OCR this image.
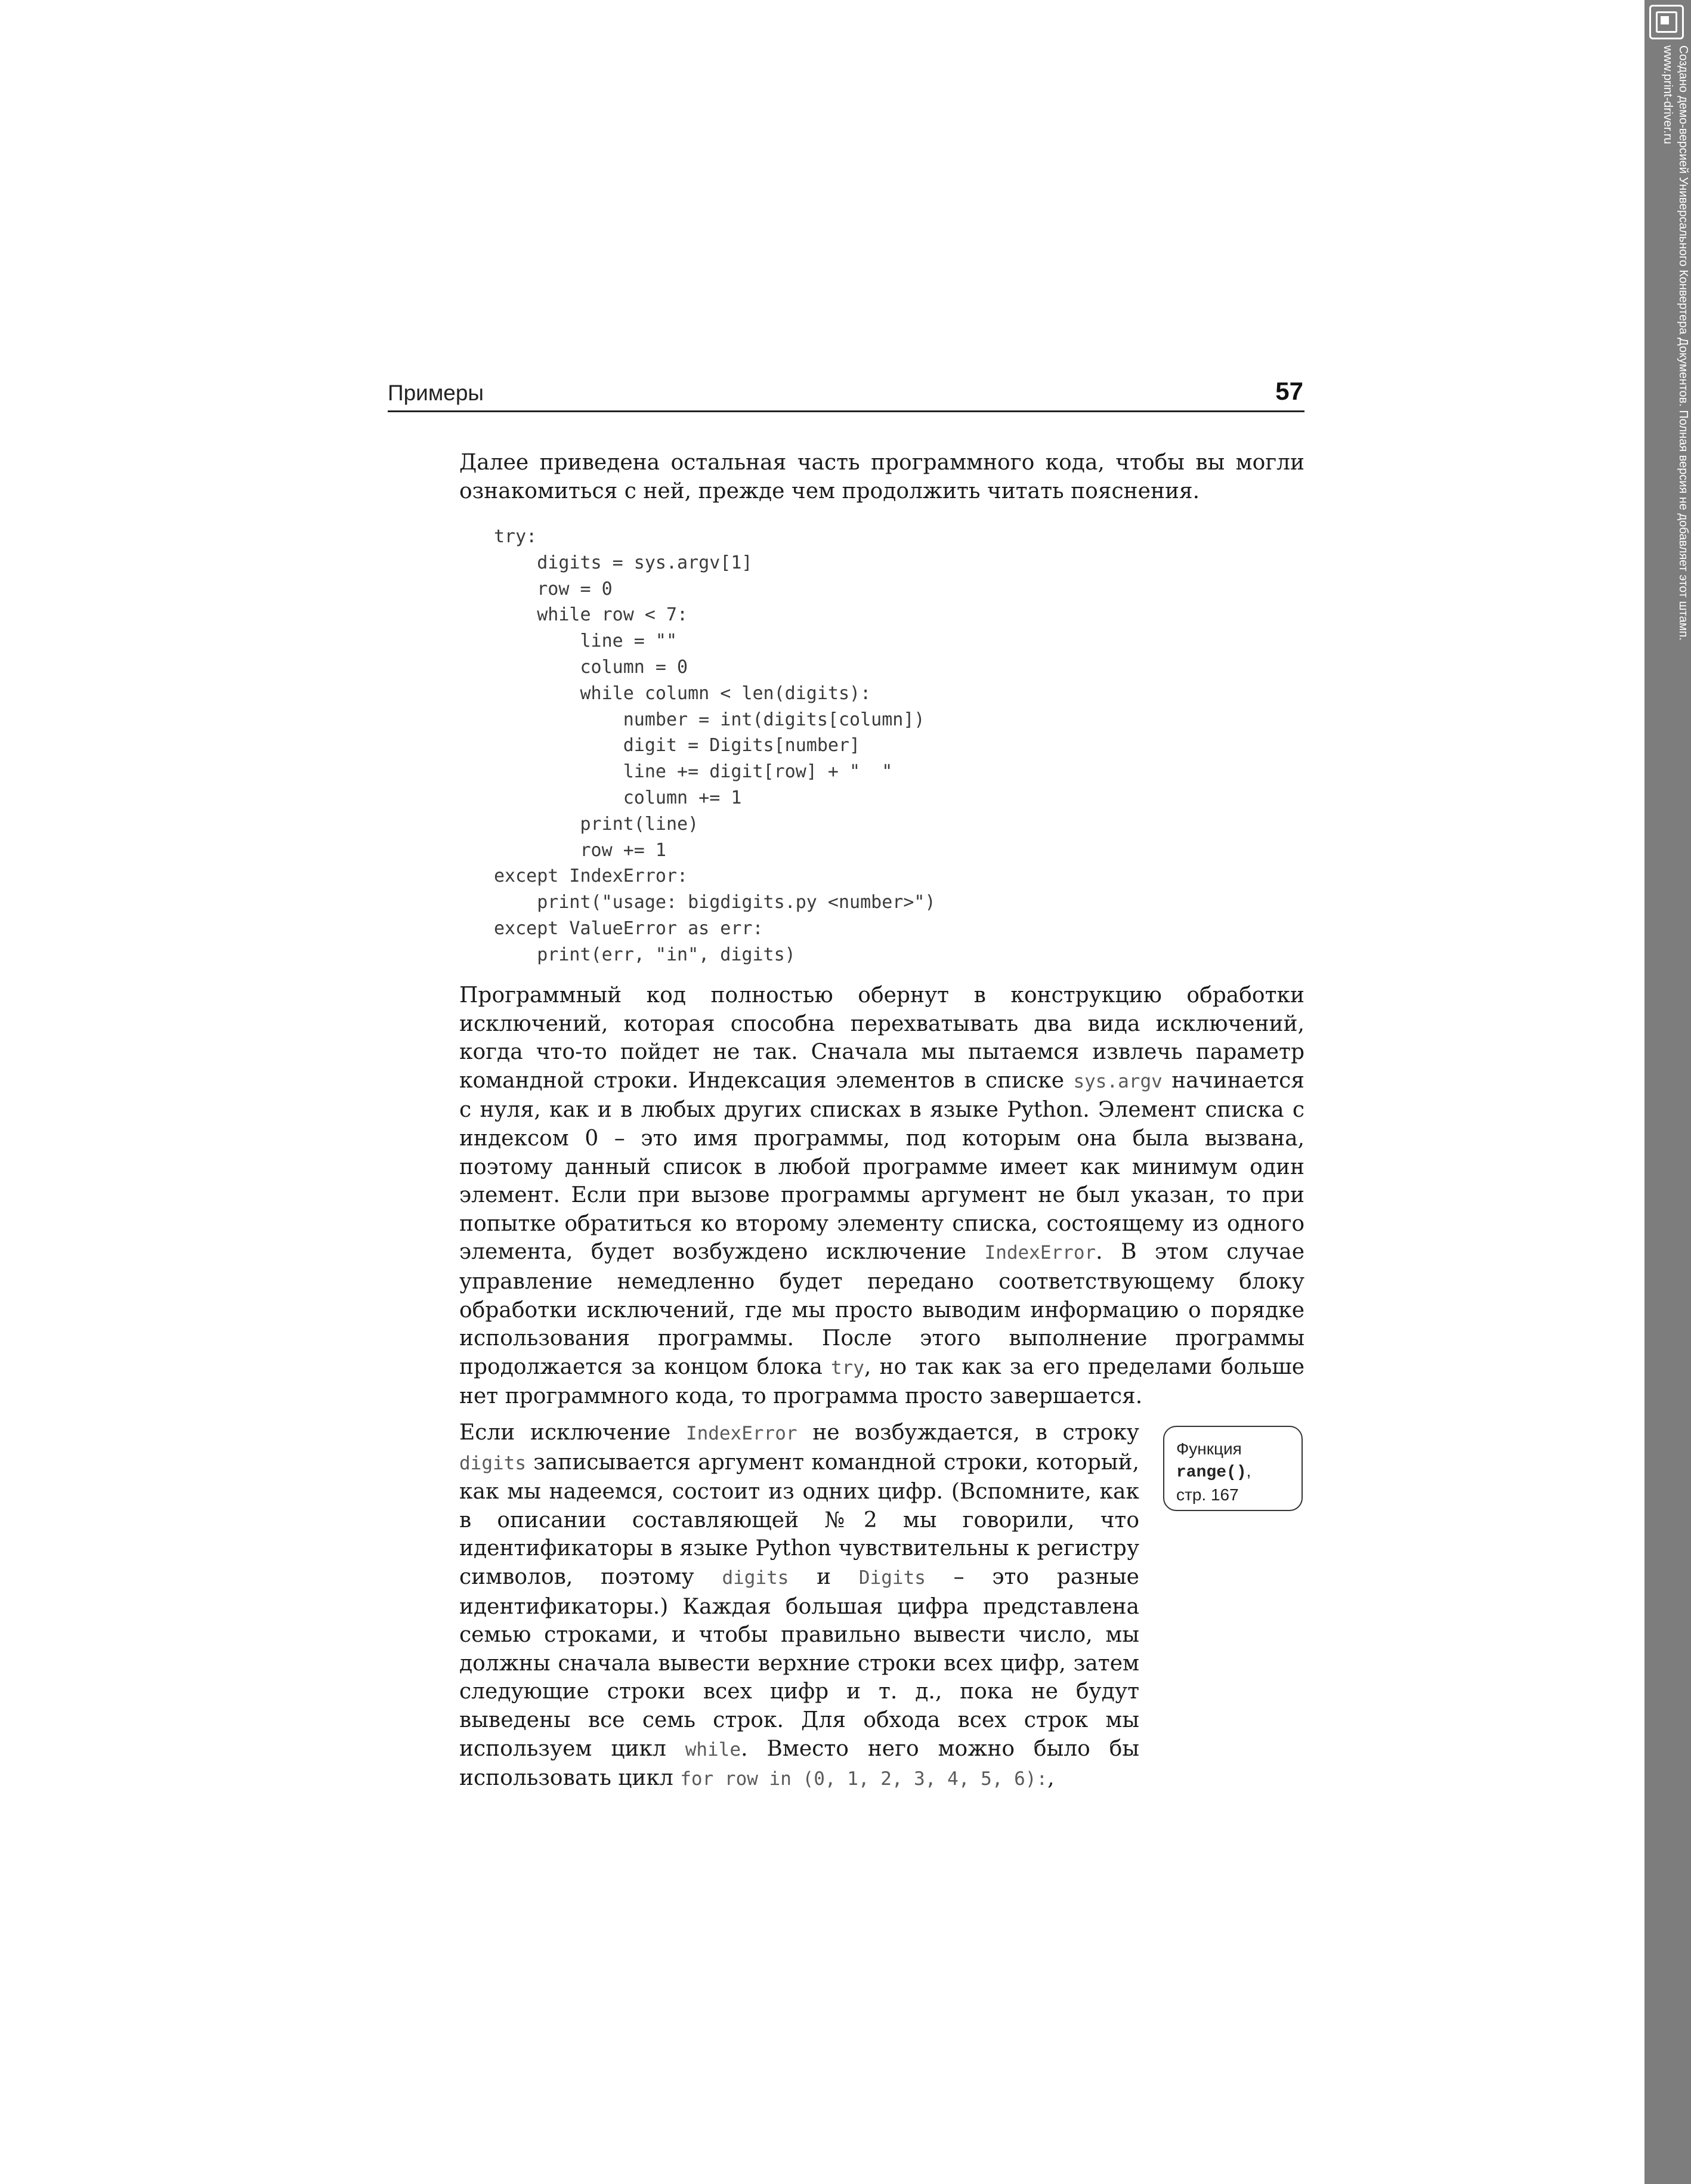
Примеры	57

Далее приведена остальная часть программного кода, чтобы вы могли ознакомиться с ней, прежде чем продолжить читать пояснения.

try:
digits = sys.argv[1]
row = 0
while row < 7:
line = ""
column = 0
while column < len(digits):
number = int(digits[column])
digit = Digits[number]
line += digit[row] + "  "
column += 1
print(line)
row += 1
except IndexError:
print("usage: bigdigits.py <number>")
except ValueError as err:
print(err, "in", digits)

Программный код полностью обернут в конструкцию обработки исключений, которая способна перехватывать два вида исключений, когда что-то пойдет не так. Сначала мы пытаемся извлечь параметр командной строки. Индексация элементов в списке sys.argv начинается с нуля, как и в любых других списках в языке Python. Элемент списка с индексом 0 – это имя программы, под которым она была вызвана, поэтому данный список в любой программе имеет как минимум один элемент. Если при вызове программы аргумент не был указан, то при попытке обратиться ко второму элементу списка, состоящему из одного элемента, будет возбуждено исключение IndexError. В этом случае управление немедленно будет передано соответствующему блоку обработки исключений, где мы просто выводим информацию о порядке использования программы. После этого выполнение программы продолжается за концом блока try, но так как за его пределами больше нет программного кода, то программа просто завершается.

Если исключение IndexError не возбуждается, в строку digits записывается аргумент командной строки, который, как мы надеемся, состоит из одних цифр. (Вспомните, как в описании составляющей №2 мы говорили, что идентификаторы в языке Python чувствительны к регистру символов, поэтому digits и Digits – это разные идентификаторы.) Каждая большая цифра представлена семью строками, и чтобы правильно вывести число, мы должны сначала вывести верхние строки всех цифр, затем следующие строки всех цифр и т. д., пока не будут выведены все семь строк. Для обхода всех строк мы используем цикл while. Вместо него можно было бы использовать цикл for row in (0, 1, 2, 3, 4, 5, 6):,

Функция
range(),
стр. 167
Создано демо-версией Универсального Конвертера Документов. Полная версия не добавляет этот штамп.
www.print-driver.ru
